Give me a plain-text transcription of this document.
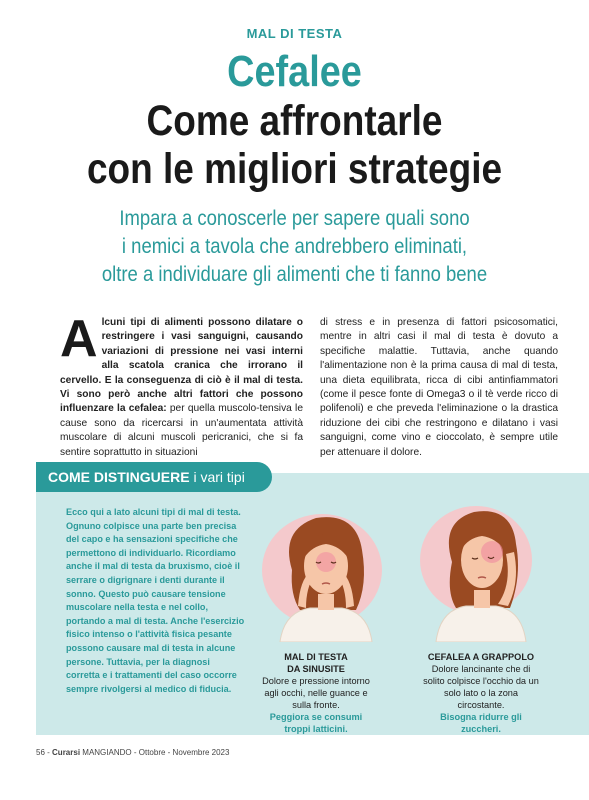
MAL DI TESTA
Cefalee
Come affrontarle
con le migliori strategie
Impara a conoscerle per sapere quali sono
i nemici a tavola che andrebbero eliminati,
oltre a individuare gli alimenti che ti fanno bene
Alcuni tipi di alimenti possono dilatare o restringere i vasi sanguigni, causando variazioni di pressione nei vasi interni alla scatola cranica che irrorano il cervello. E la conseguenza di ciò è il mal di testa. Vi sono però anche altri fattori che possono influenzare la cefalea: per quella muscolo-tensiva le cause sono da ricercarsi in un'aumentata attività muscolare di alcuni muscoli pericranici, che si fa sentire soprattutto in situazioni
di stress e in presenza di fattori psicosomatici, mentre in altri casi il mal di testa è dovuto a specifiche malattie. Tuttavia, anche quando l'alimentazione non è la prima causa di mal di testa, una dieta equilibrata, ricca di cibi antinfiammatori (come il pesce fonte di Omega3 o il tè verde ricco di polifenoli) e che preveda l'eliminazione o la drastica riduzione dei cibi che restringono e dilatano i vasi sanguigni, come vino e cioccolato, è sempre utile per attenuare il dolore.
COME DISTINGUERE i vari tipi
Ecco qui a lato alcuni tipi di mal di testa. Ognuno colpisce una parte ben precisa del capo e ha sensazioni specifiche che permettono di individuarlo. Ricordiamo anche il mal di testa da bruxismo, cioè il serrare o digrignare i denti durante il sonno. Questo può causare tensione muscolare nella testa e nel collo, portando a mal di testa. Anche l'esercizio fisico intenso o l'attività fisica pesante possono causare mal di testa in alcune persone. Tuttavia, per la diagnosi corretta e i trattamenti del caso occorre sempre rivolgersi al medico di fiducia.
MAL DI TESTA
DA SINUSITE
Dolore e pressione intorno agli occhi, nelle guance e sulla fronte.
Peggiora se consumi troppi latticini.
CEFALEA A GRAPPOLO
Dolore lancinante che di solito colpisce l'occhio da un solo lato o la zona circostante.
Bisogna ridurre gli zuccheri.
56 - Curarsi MANGIANDO - Ottobre - Novembre 2023
